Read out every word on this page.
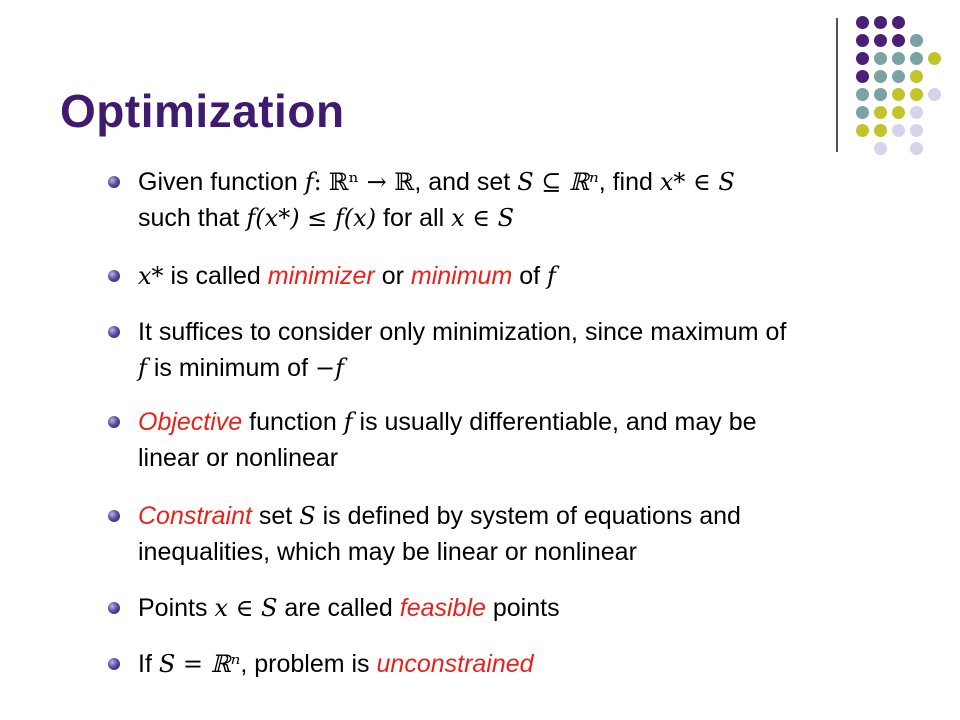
Optimization
Given function f: ℝⁿ → ℝ, and set S ⊆ ℝⁿ, find x* ∈ S
such that f(x*) ≤ f(x) for all x ∈ S
x* is called minimizer or minimum of f
It suffices to consider only minimization, since maximum of
f is minimum of −f
Objective function f is usually differentiable, and may be
linear or nonlinear
Constraint set S is defined by system of equations and
inequalities, which may be linear or nonlinear
Points x ∈ S are called feasible points
If S = ℝⁿ, problem is unconstrained
